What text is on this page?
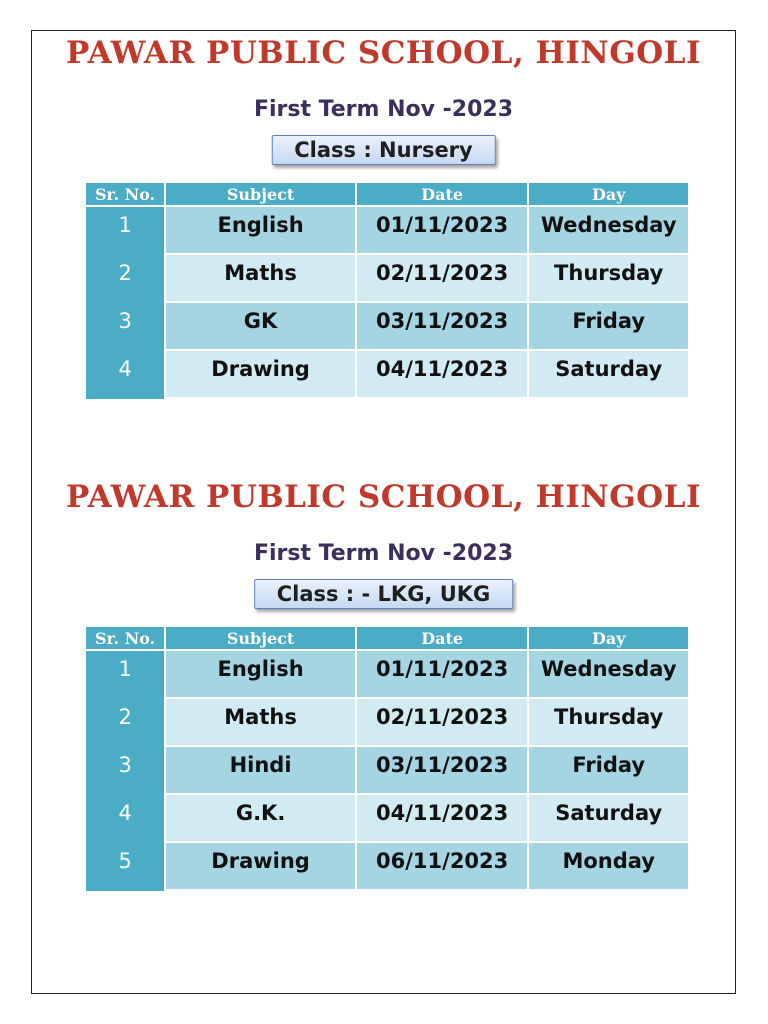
PAWAR PUBLIC SCHOOL, HINGOLI
First Term Nov -2023
Class : Nursery
Sr. No.	Subject	Date	Day
1	English	01/11/2023	Wednesday
2	Maths	02/11/2023	Thursday
3	GK	03/11/2023	Friday
4	Drawing	04/11/2023	Saturday
PAWAR PUBLIC SCHOOL, HINGOLI
First Term Nov -2023
Class : - LKG, UKG
Sr. No.	Subject	Date	Day
1	English	01/11/2023	Wednesday
2	Maths	02/11/2023	Thursday
3	Hindi	03/11/2023	Friday
4	G.K.	04/11/2023	Saturday
5	Drawing	06/11/2023	Monday
